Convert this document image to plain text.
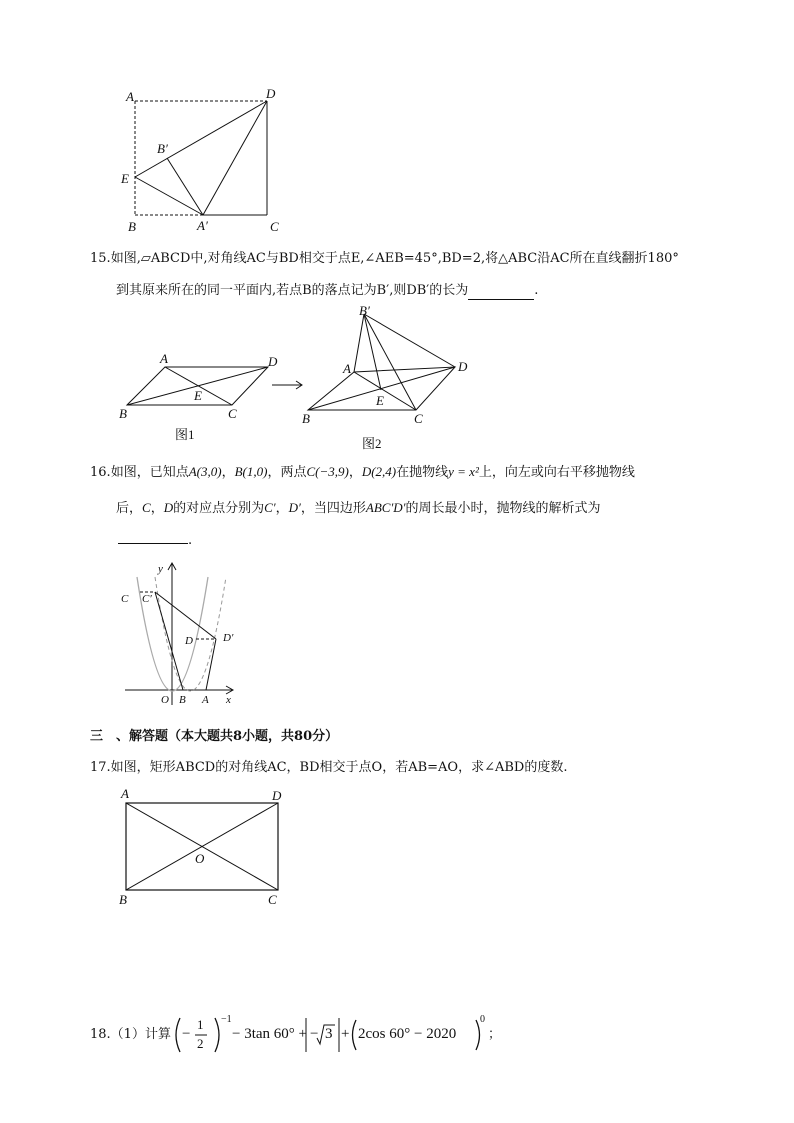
A	D
B′
E
B	A′	C
15.如图,▱ABCD中,对角线AC与BD相交于点E,∠AEB=45°,BD=2,将△ABC沿AC所在直线翻折180°
到其原来所在的同一平面内,若点B的落点记为B′,则DB′的长为	.
A	D
B
E
C
图1
B′
A	D
E
B	C
图2
16.如图，已知点A(3,0)，B(1,0)，两点C(−3,9)，D(2,4)在抛物线y = x²上，向左或向右平移抛物线
后，C，D的对应点分别为C′，D′，当四边形ABC′D′的周长最小时，抛物线的解析式为
.
y
C C′
D	D′
O B A x
三　、解答题（本大题共8小题，共80分）
17.如图，矩形ABCD的对角线AC，BD相交于点O，若AB=AO，求∠ABD的度数.
A	D
O
B	C
18.（1）计算 −
1
2
−1
− 3tan 60° + − 3 + 2cos 60° − 2020
0
；
